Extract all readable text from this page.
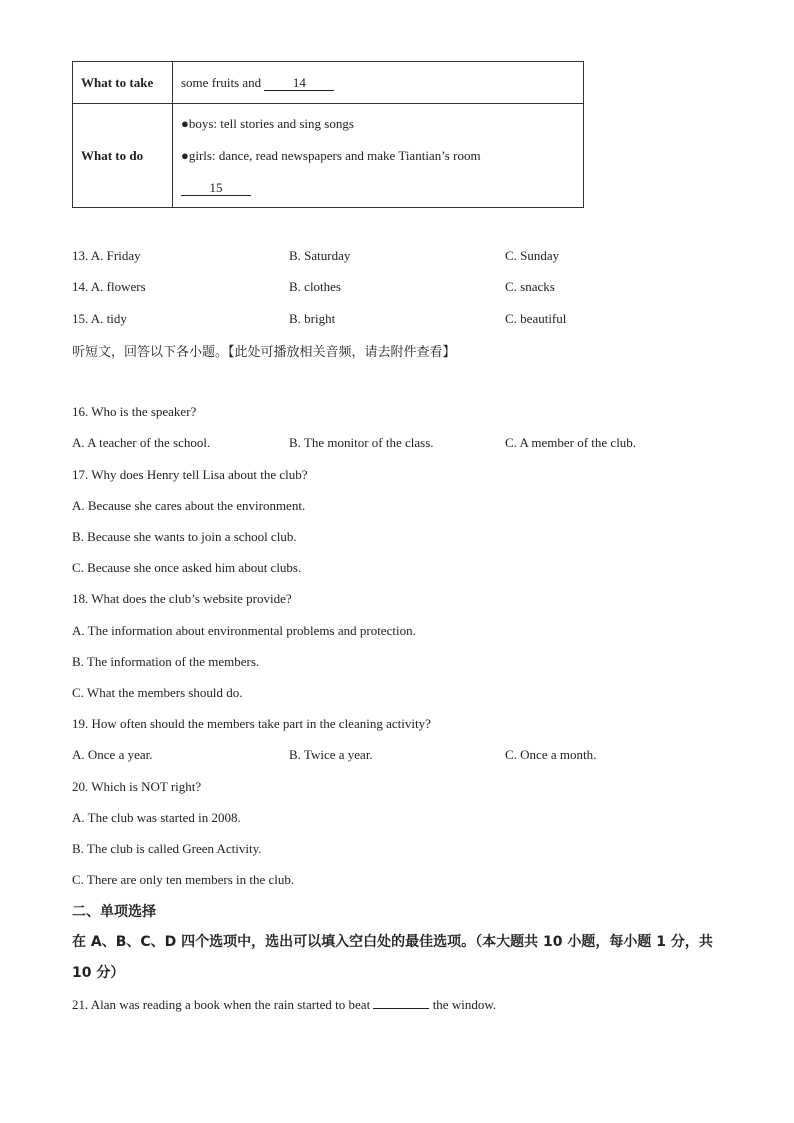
What to take	some fruits and 14
What to do	●boys: tell stories and sing songs
●girls: dance, read newspapers and make Tiantian’s room
15
13. A. Friday	B. Saturday	C. Sunday
14. A. flowers	B. clothes	C. snacks
15. A. tidy	B. bright	C. beautiful
听短文，回答以下各小题。【此处可播放相关音频，请去附件查看】
16. Who is the speaker?
A. A teacher of the school.	B. The monitor of the class.	C. A member of the club.
17. Why does Henry tell Lisa about the club?
A. Because she cares about the environment.
B. Because she wants to join a school club.
C. Because she once asked him about clubs.
18. What does the club’s website provide?
A. The information about environmental problems and protection.
B. The information of the members.
C. What the members should do.
19. How often should the members take part in the cleaning activity?
A. Once a year.	B. Twice a year.	C. Once a month.
20. Which is NOT right?
A. The club was started in 2008.
B. The club is called Green Activity.
C. There are only ten members in the club.
二、单项选择
在 A、B、C、D 四个选项中，选出可以填入空白处的最佳选项。（本大题共 10 小题，每小题 1 分，共 10 分）
21. Alan was reading a book when the rain started to beat	the window.
